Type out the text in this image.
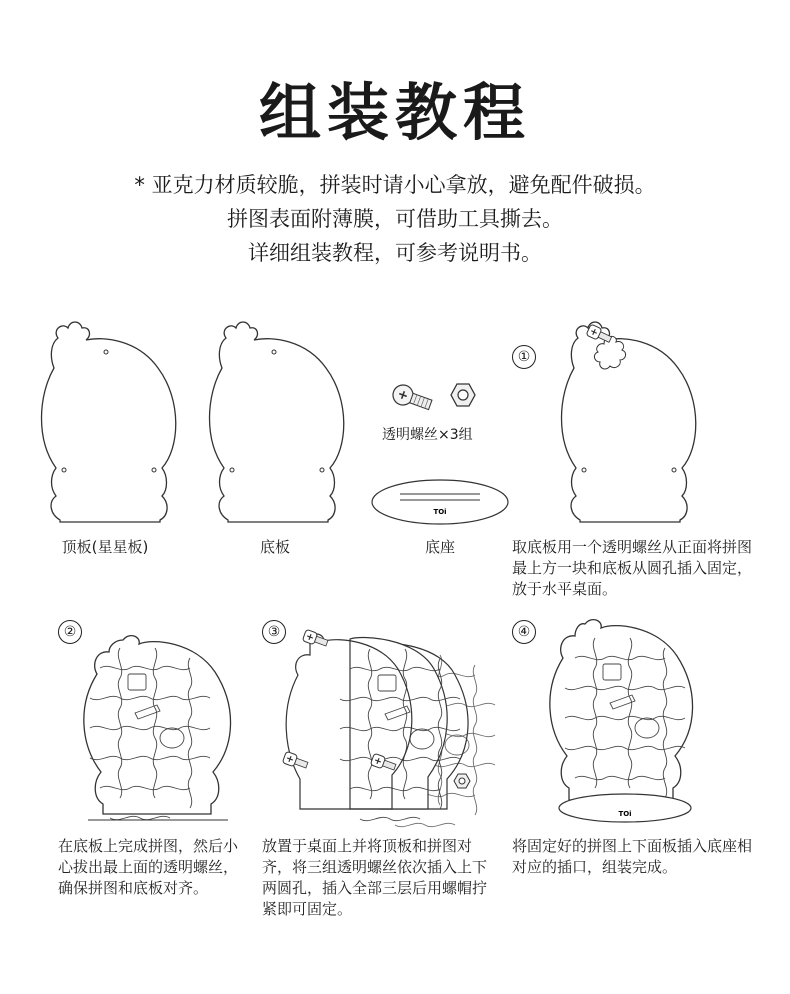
组装教程
* 亚克力材质较脆，拼装时请小心拿放，避免配件破损。
拼图表面附薄膜，可借助工具撕去。
详细组装教程，可参考说明书。
顶板(星星板)	底板
透明螺丝×3组
TOi
底座
①
取底板用一个透明螺丝从正面将拼图最上方一块和底板从圆孔插入固定，放于水平桌面。
②
在底板上完成拼图，然后小心拔出最上面的透明螺丝，确保拼图和底板对齐。
③
放置于桌面上并将顶板和拼图对齐，将三组透明螺丝依次插入上下两圆孔，插入全部三层后用螺帽拧紧即可固定。
④
TOi
将固定好的拼图上下面板插入底座相对应的插口，组装完成。
